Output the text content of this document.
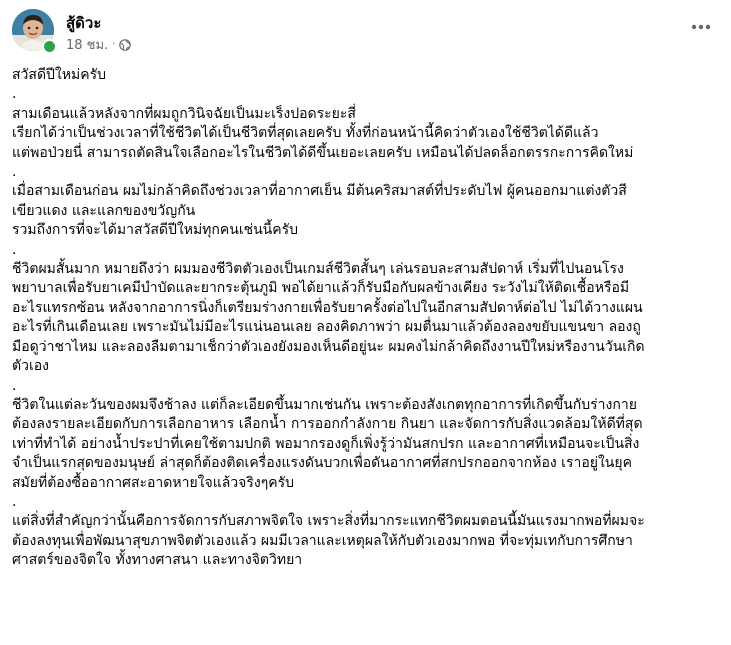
สู้ดิวะ
18 ชม. ·

สวัสดีปีใหม่ครับ

.

สามเดือนแล้วหลังจากที่ผมถูกวินิจฉัยเป็นมะเร็งปอดระยะสี่

เรียกได้ว่าเป็นช่วงเวลาที่ใช้ชีวิตได้เป็นชีวิตที่สุดเลยครับ ทั้งที่ก่อนหน้านี้คิดว่าตัวเองใช้ชีวิตได้ดีแล้ว

แต่พอป่วยนี่ สามารถตัดสินใจเลือกอะไรในชีวิตได้ดีขึ้นเยอะเลยครับ เหมือนได้ปลดล็อกตรรกะการคิดใหม่

.

เมื่อสามเดือนก่อน ผมไม่กล้าคิดถึงช่วงเวลาที่อากาศเย็น มีต้นคริสมาสต์ที่ประดับไฟ ผู้คนออกมาแต่งตัวสี

เขียวแดง และแลกของขวัญกัน

รวมถึงการที่จะได้มาสวัสดีปีใหม่ทุกคนเช่นนี้ครับ

.

ชีวิตผมสั้นมาก หมายถึงว่า ผมมองชีวิตตัวเองเป็นเกมส์ชีวิตสั้นๆ เล่นรอบละสามสัปดาห์ เริ่มที่ไปนอนโรง

พยาบาลเพื่อรับยาเคมีบำบัดและยากระตุ้นภูมิ พอได้ยาแล้วก็รับมือกับผลข้างเคียง ระวังไม่ให้ติดเชื้อหรือมี

อะไรแทรกซ้อน หลังจากอาการนิ่งก็เตรียมร่างกายเพื่อรับยาครั้งต่อไปในอีกสามสัปดาห์ต่อไป ไม่ได้วางแผน

อะไรที่เกินเดือนเลย เพราะมันไม่มีอะไรแน่นอนเลย ลองคิดภาพว่า ผมตื่นมาแล้วต้องลองขยับแขนขา ลองถู

มือดูว่าชาไหม และลองลืมตามาเช็กว่าตัวเองยังมองเห็นดีอยู่นะ ผมคงไม่กล้าคิดถึงงานปีใหม่หรืองานวันเกิด

ตัวเอง

.

ชีวิตในแต่ละวันของผมจึงช้าลง แต่ก็ละเอียดขึ้นมากเช่นกัน เพราะต้องสังเกตทุกอาการที่เกิดขึ้นกับร่างกาย

ต้องลงรายละเอียดกับการเลือกอาหาร เลือกน้ำ การออกกำลังกาย กินยา และจัดการกับสิ่งแวดล้อมให้ดีที่สุด

เท่าที่ทำได้ อย่างน้ำประปาที่เคยใช้ตามปกติ พอมากรองดูก็เพิ่งรู้ว่ามันสกปรก และอากาศที่เหมือนจะเป็นสิ่ง

จำเป็นแรกสุดของมนุษย์ ล่าสุดก็ต้องติดเครื่องแรงดันบวกเพื่อดันอากาศที่สกปรกออกจากห้อง เราอยู่ในยุค

สมัยที่ต้องซื้ออากาศสะอาดหายใจแล้วจริงๆครับ

.

แต่สิ่งที่สำคัญกว่านั้นคือการจัดการกับสภาพจิตใจ เพราะสิ่งที่มากระแทกชีวิตผมตอนนี้มันแรงมากพอที่ผมจะ

ต้องลงทุนเพื่อพัฒนาสุขภาพจิตตัวเองแล้ว ผมมีเวลาและเหตุผลให้กับตัวเองมากพอ ที่จะทุ่มเทกับการศึกษา

ศาสตร์ของจิตใจ ทั้งทางศาสนา และทางจิตวิทยา
